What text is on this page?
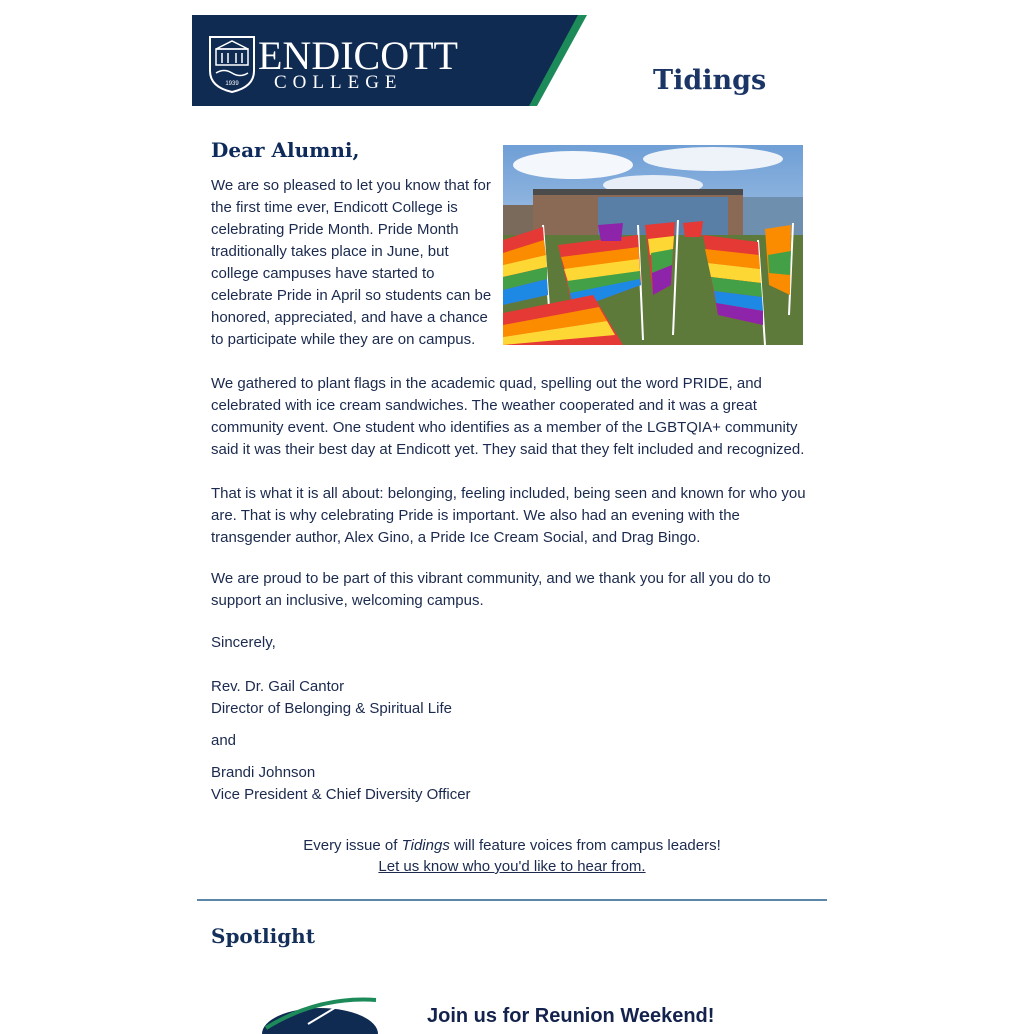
1939
ENDICOTT
COLLEGE	Tidings
Dear Alumni,

We are so pleased to let you know that for the first time ever, Endicott College is celebrating Pride Month. Pride Month traditionally takes place in June, but college campuses have started to celebrate Pride in April so students can be honored, appreciated, and have a chance to participate while they are on campus.

We gathered to plant flags in the academic quad, spelling out the word PRIDE, and celebrated with ice cream sandwiches. The weather cooperated and it was a great community event. One student who identifies as a member of the LGBTQIA+ community said it was their best day at Endicott yet. They said that they felt included and recognized.

That is what it is all about: belonging, feeling included, being seen and known for who you are. That is why celebrating Pride is important. We also had an evening with the transgender author, Alex Gino, a Pride Ice Cream Social, and Drag Bingo.

We are proud to be part of this vibrant community, and we thank you for all you do to support an inclusive, welcoming campus.

Sincerely,

Rev. Dr. Gail Cantor

Director of Belonging & Spiritual Life

and

Brandi Johnson

Vice President & Chief Diversity Officer

Every issue of Tidings will feature voices from campus leaders!
Let us know who you'd like to hear from.

Spotlight
Join us for Reunion Weekend!
